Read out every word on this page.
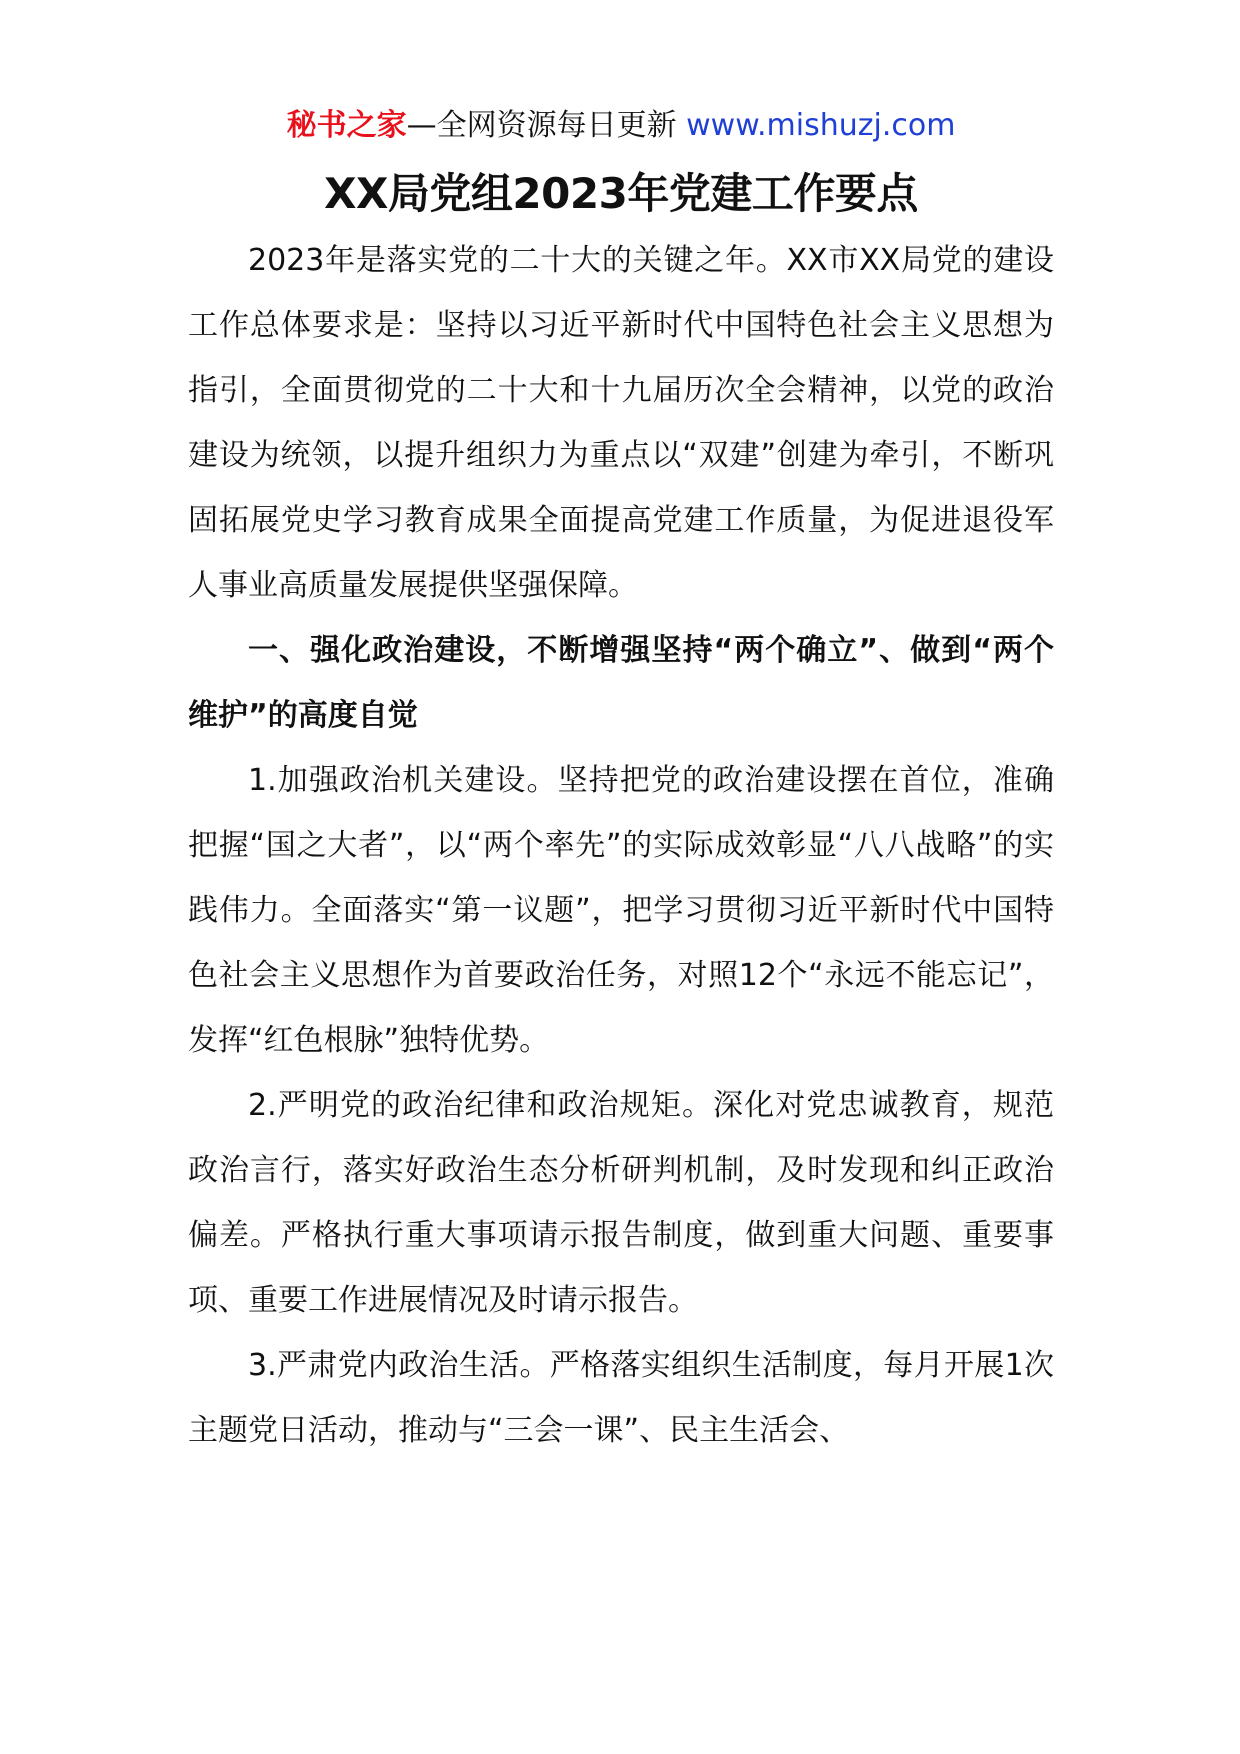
秘书之家—全网资源每日更新 www.mishuzj.com
XX局党组2023年党建工作要点

2023年是落实党的二十大的关键之年。XX市XX局党的建设工作总体要求是：坚持以习近平新时代中国特色社会主义思想为指引，全面贯彻党的二十大和十九届历次全会精神，以党的政治建设为统领，以提升组织力为重点以“双建”创建为牵引，不断巩固拓展党史学习教育成果全面提高党建工作质量，为促进退役军人事业高质量发展提供坚强保障。

一、强化政治建设，不断增强坚持“两个确立”、做到“两个维护”的高度自觉

1.加强政治机关建设。坚持把党的政治建设摆在首位，准确把握“国之大者”，以“两个率先”的实际成效彰显“八八战略”的实践伟力。全面落实“第一议题”，把学习贯彻习近平新时代中国特色社会主义思想作为首要政治任务，对照12个“永远不能忘记”，发挥“红色根脉”独特优势。

2.严明党的政治纪律和政治规矩。深化对党忠诚教育，规范政治言行，落实好政治生态分析研判机制，及时发现和纠正政治偏差。严格执行重大事项请示报告制度，做到重大问题、重要事项、重要工作进展情况及时请示报告。

3.严肃党内政治生活。严格落实组织生活制度，每月开展1次主题党日活动，推动与“三会一课”、民主生活会、
